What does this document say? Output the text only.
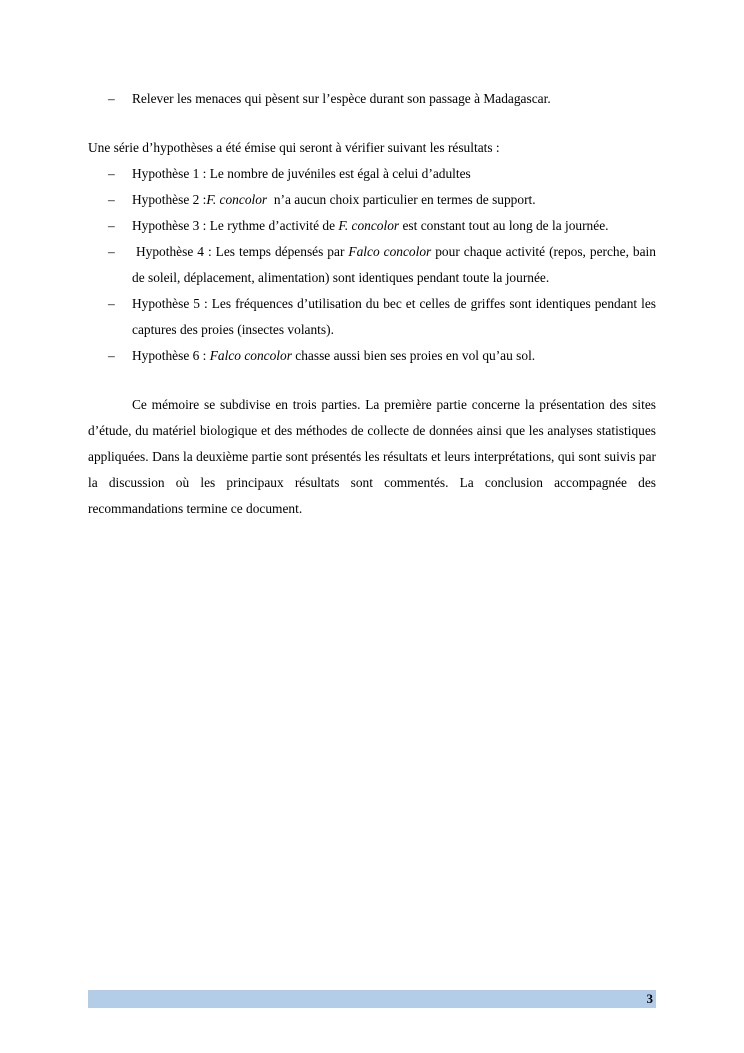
– Relever les menaces qui pèsent sur l’espèce durant son passage à Madagascar.
Une série d’hypothèses a été émise qui seront à vérifier suivant les résultats :
– Hypothèse 1 : Le nombre de juvéniles est égal à celui d’adultes
– Hypothèse 2 :F. concolor  n’a aucun choix particulier en termes de support.
– Hypothèse 3 : Le rythme d’activité de F. concolor est constant tout au long de la journée.
– Hypothèse 4 : Les temps dépensés par Falco concolor pour chaque activité (repos, perche, bain de soleil, déplacement, alimentation) sont identiques pendant toute la journée.
– Hypothèse 5 : Les fréquences d’utilisation du bec et celles de griffes sont identiques pendant les captures des proies (insectes volants).
– Hypothèse 6 : Falco concolor chasse aussi bien ses proies en vol qu’au sol.
Ce mémoire se subdivise en trois parties. La première partie concerne la présentation des sites d’étude, du matériel biologique et des méthodes de collecte de données ainsi que les analyses statistiques appliquées. Dans la deuxième partie sont présentés les résultats et leurs interprétations, qui sont suivis par la discussion où les principaux résultats sont commentés. La conclusion accompagnée des recommandations termine ce document.
3
